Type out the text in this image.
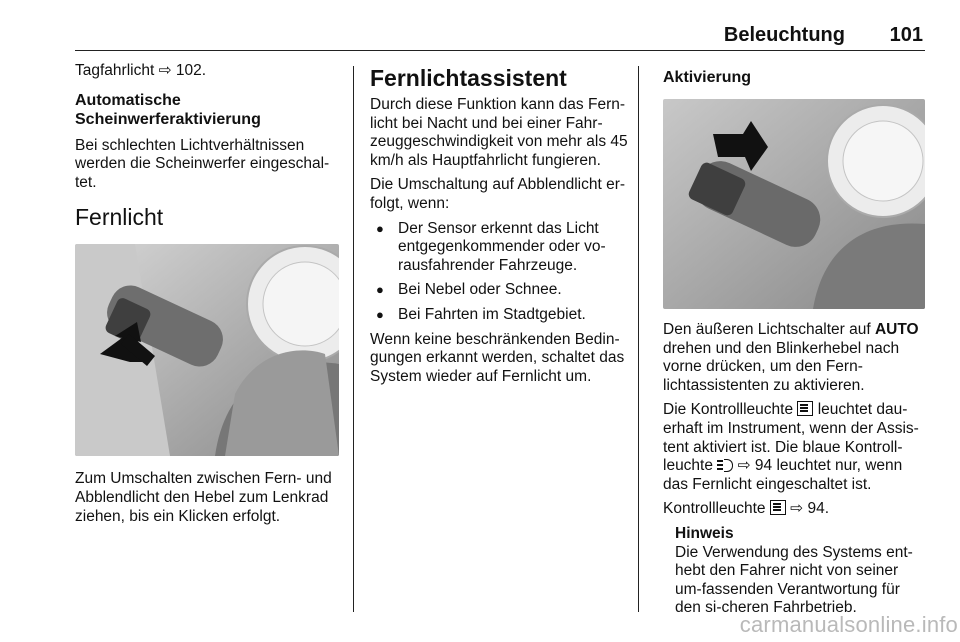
Beleuchtung 101

Tagfahrlicht ⇨ 102.

Automatische Scheinwerferaktivierung

Bei schlechten Lichtverhältnissen werden die Scheinwerfer eingeschal-tet.

Fernlicht

Zum Umschalten zwischen Fern- und Abblendlicht den Hebel zum Lenkrad ziehen, bis ein Klicken erfolgt.

Fernlichtassistent

Durch diese Funktion kann das Fern-licht bei Nacht und bei einer Fahr-zeuggeschwindigkeit von mehr als 45 km/h als Hauptfahrlicht fungieren.

Die Umschaltung auf Abblendlicht er-folgt, wenn:

● Der Sensor erkennt das Licht entgegenkommender oder vo-rausfahrender Fahrzeuge.
● Bei Nebel oder Schnee.
● Bei Fahrten im Stadtgebiet.

Wenn keine beschränkenden Bedin-gungen erkannt werden, schaltet das System wieder auf Fernlicht um.

Aktivierung

Den äußeren Lichtschalter auf AUTO drehen und den Blinkerhebel nach vorne drücken, um den Fern-lichtassistenten zu aktivieren.

Die Kontrollleuchte leuchtet dau-erhaft im Instrument, wenn der Assis-tent aktiviert ist. Die blaue Kontroll-leuchte ⇨ 94 leuchtet nur, wenn das Fernlicht eingeschaltet ist.

Kontrollleuchte ⇨ 94.

Hinweis
Die Verwendung des Systems ent-hebt den Fahrer nicht von seiner um-fassenden Verantwortung für den si-cheren Fahrbetrieb.
carmanualsonline.info
